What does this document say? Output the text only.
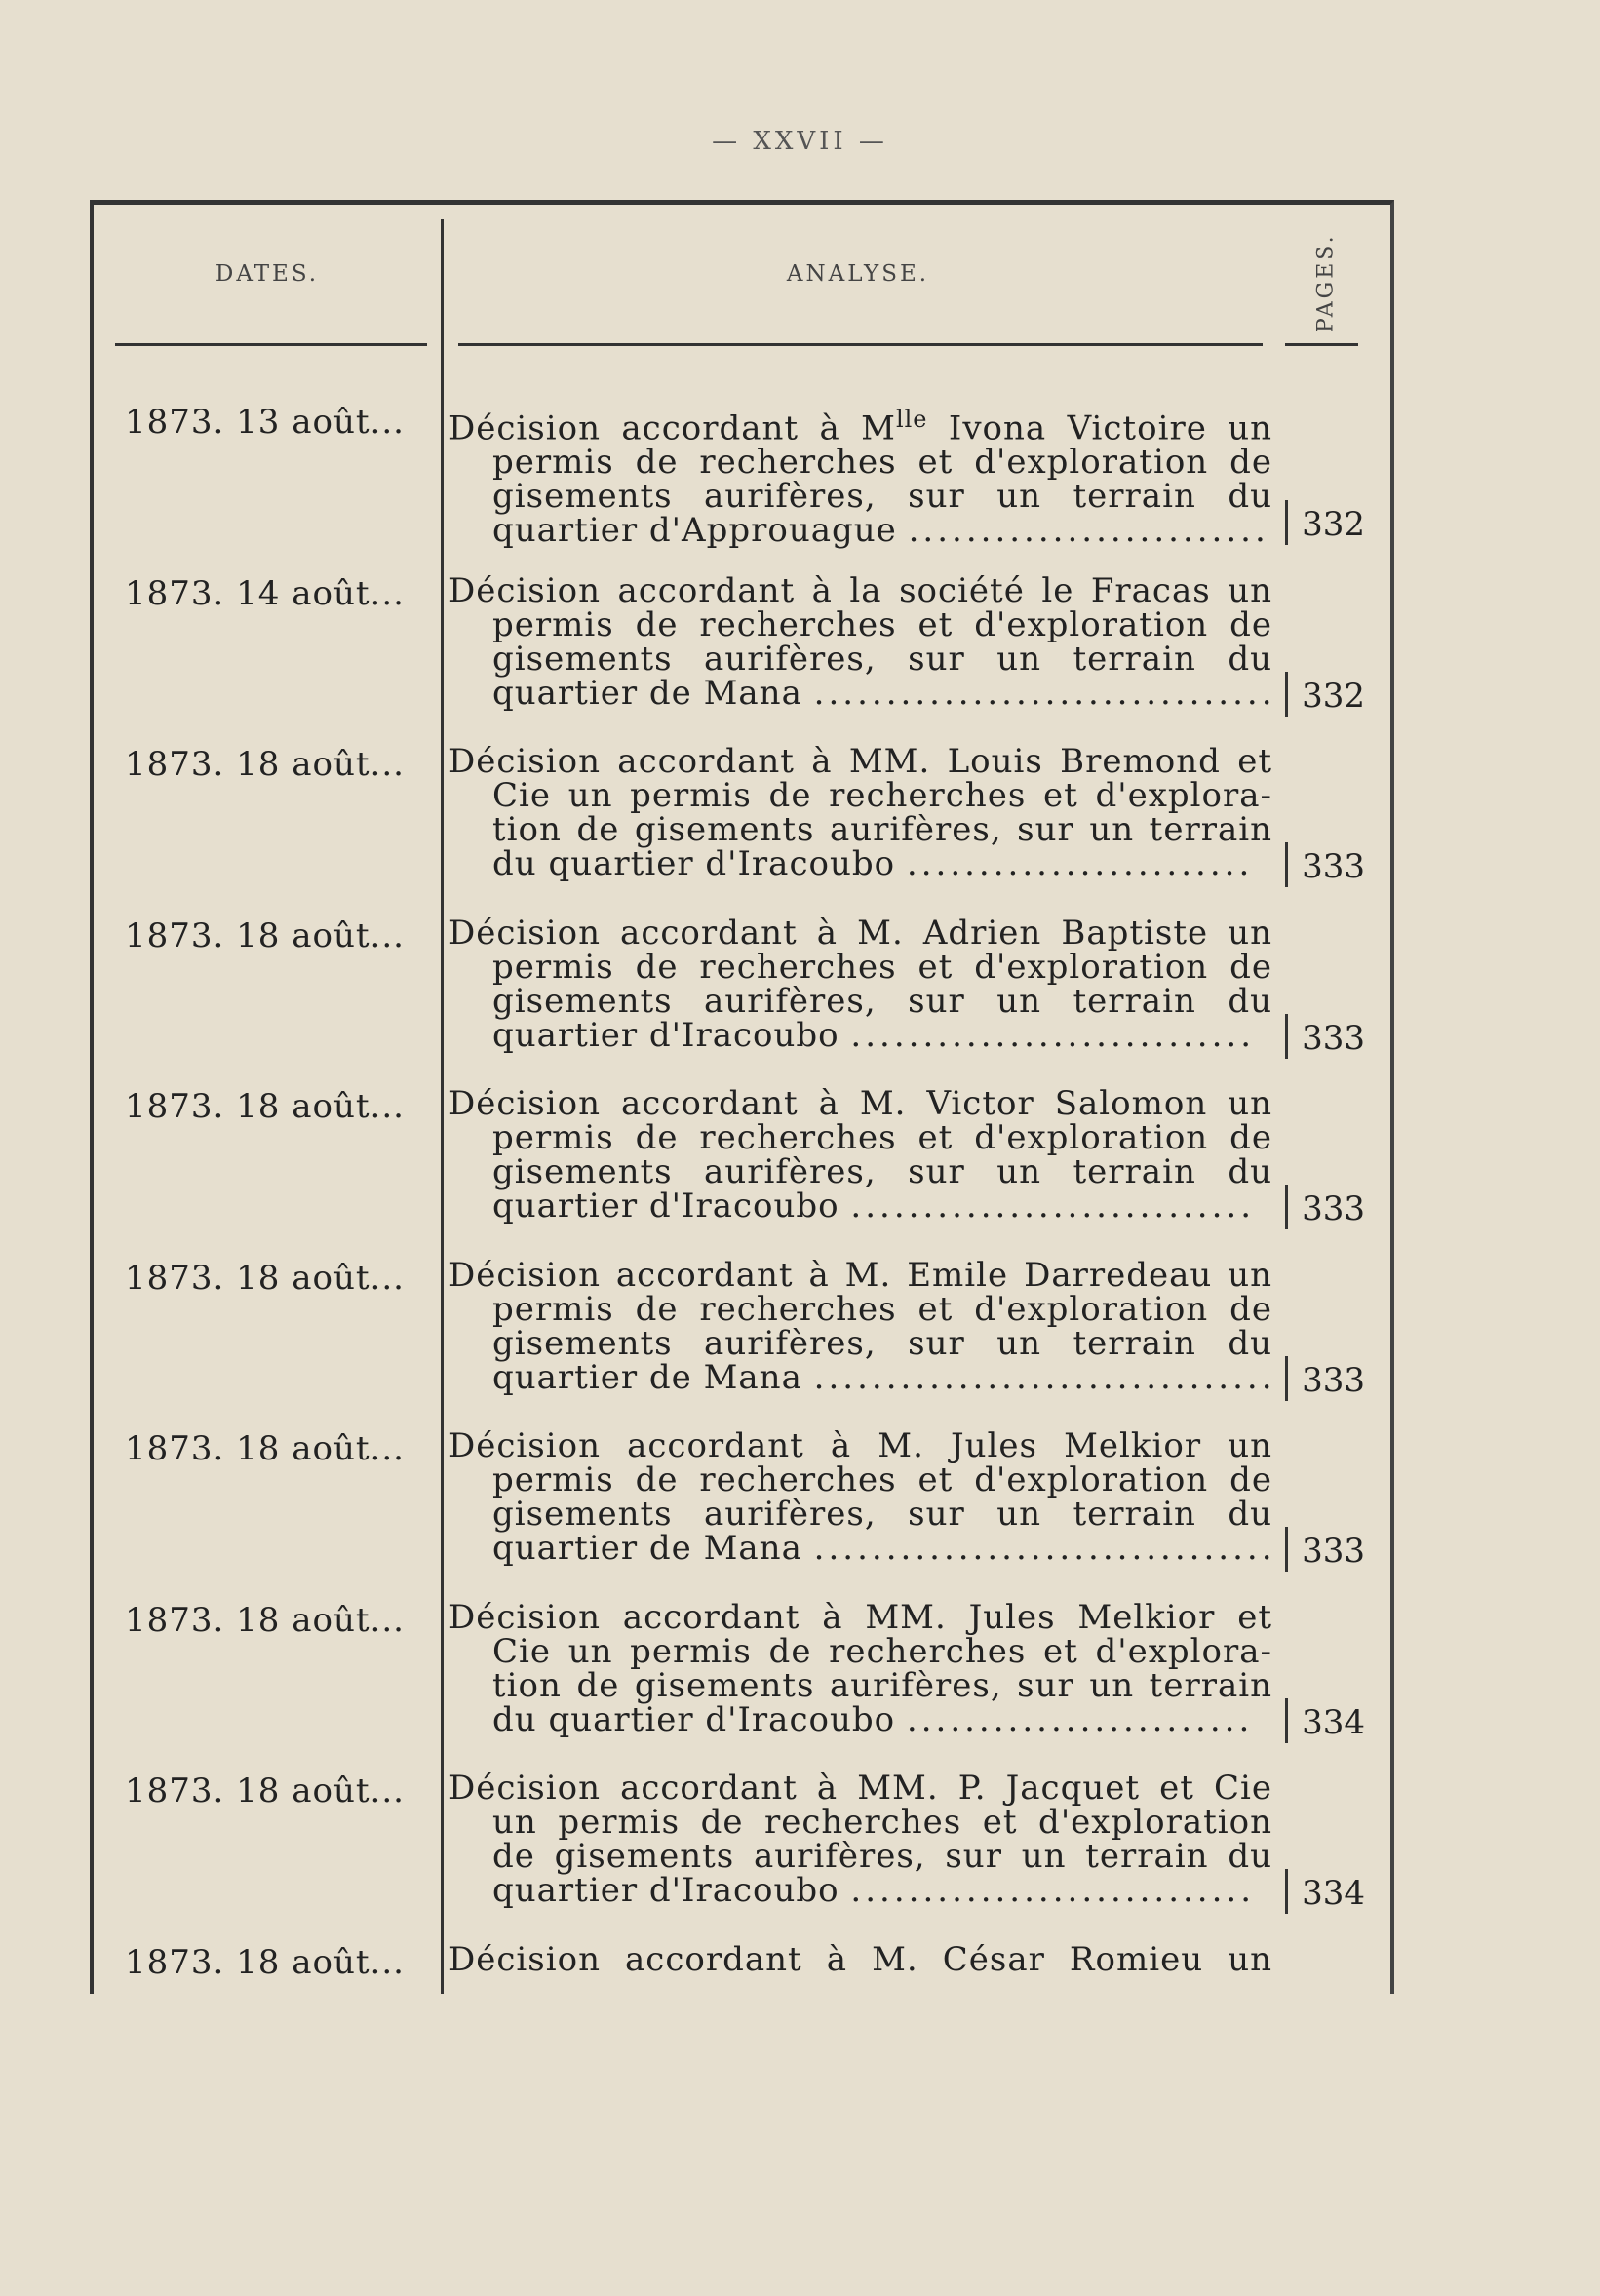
— XXVII —
DATES.	ANALYSE.	PAGES.
1873. 13 août...	Décision accordant à $M^{lle}$ Ivona Victoire un
permis de recherches et d'exploration de
gisements aurifères, sur un terrain du
quartier d'Approuague ......................... 332
1873. 14 août...	Décision accordant à la société le Fracas un
permis de recherches et d'exploration de
gisements aurifères, sur un terrain du
quartier de Mana ................................ 332
1873. 18 août...	Décision accordant à MM. Louis Bremond et
Cie un permis de recherches et d'explora-
tion de gisements aurifères, sur un terrain
du quartier d'Iracoubo ........................	333
1873. 18 août...	Décision accordant à M. Adrien Baptiste un
permis de recherches et d'exploration de
gisements aurifères, sur un terrain du
quartier d'Iracoubo ............................	333
1873. 18 août...	Décision accordant à M. Victor Salomon un
permis de recherches et d'exploration de
gisements aurifères, sur un terrain du
quartier d'Iracoubo ............................	333
1873. 18 août...	Décision accordant à M. Emile Darredeau un
permis de recherches et d'exploration de
gisements aurifères, sur un terrain du
quartier de Mana ................................ 333
1873. 18 août...	Décision accordant à M. Jules Melkior un
permis de recherches et d'exploration de
gisements aurifères, sur un terrain du
quartier de Mana ................................ 333
1873. 18 août...	Décision accordant à MM. Jules Melkior et
Cie un permis de recherches et d'explora-
tion de gisements aurifères, sur un terrain
du quartier d'Iracoubo ........................	334
1873. 18 août...	Décision accordant à MM. P. Jacquet et Cie
un permis de recherches et d'exploration
de gisements aurifères, sur un terrain du
quartier d'Iracoubo ............................	334
1873. 18 août...	Décision accordant à M. César Romieu un
